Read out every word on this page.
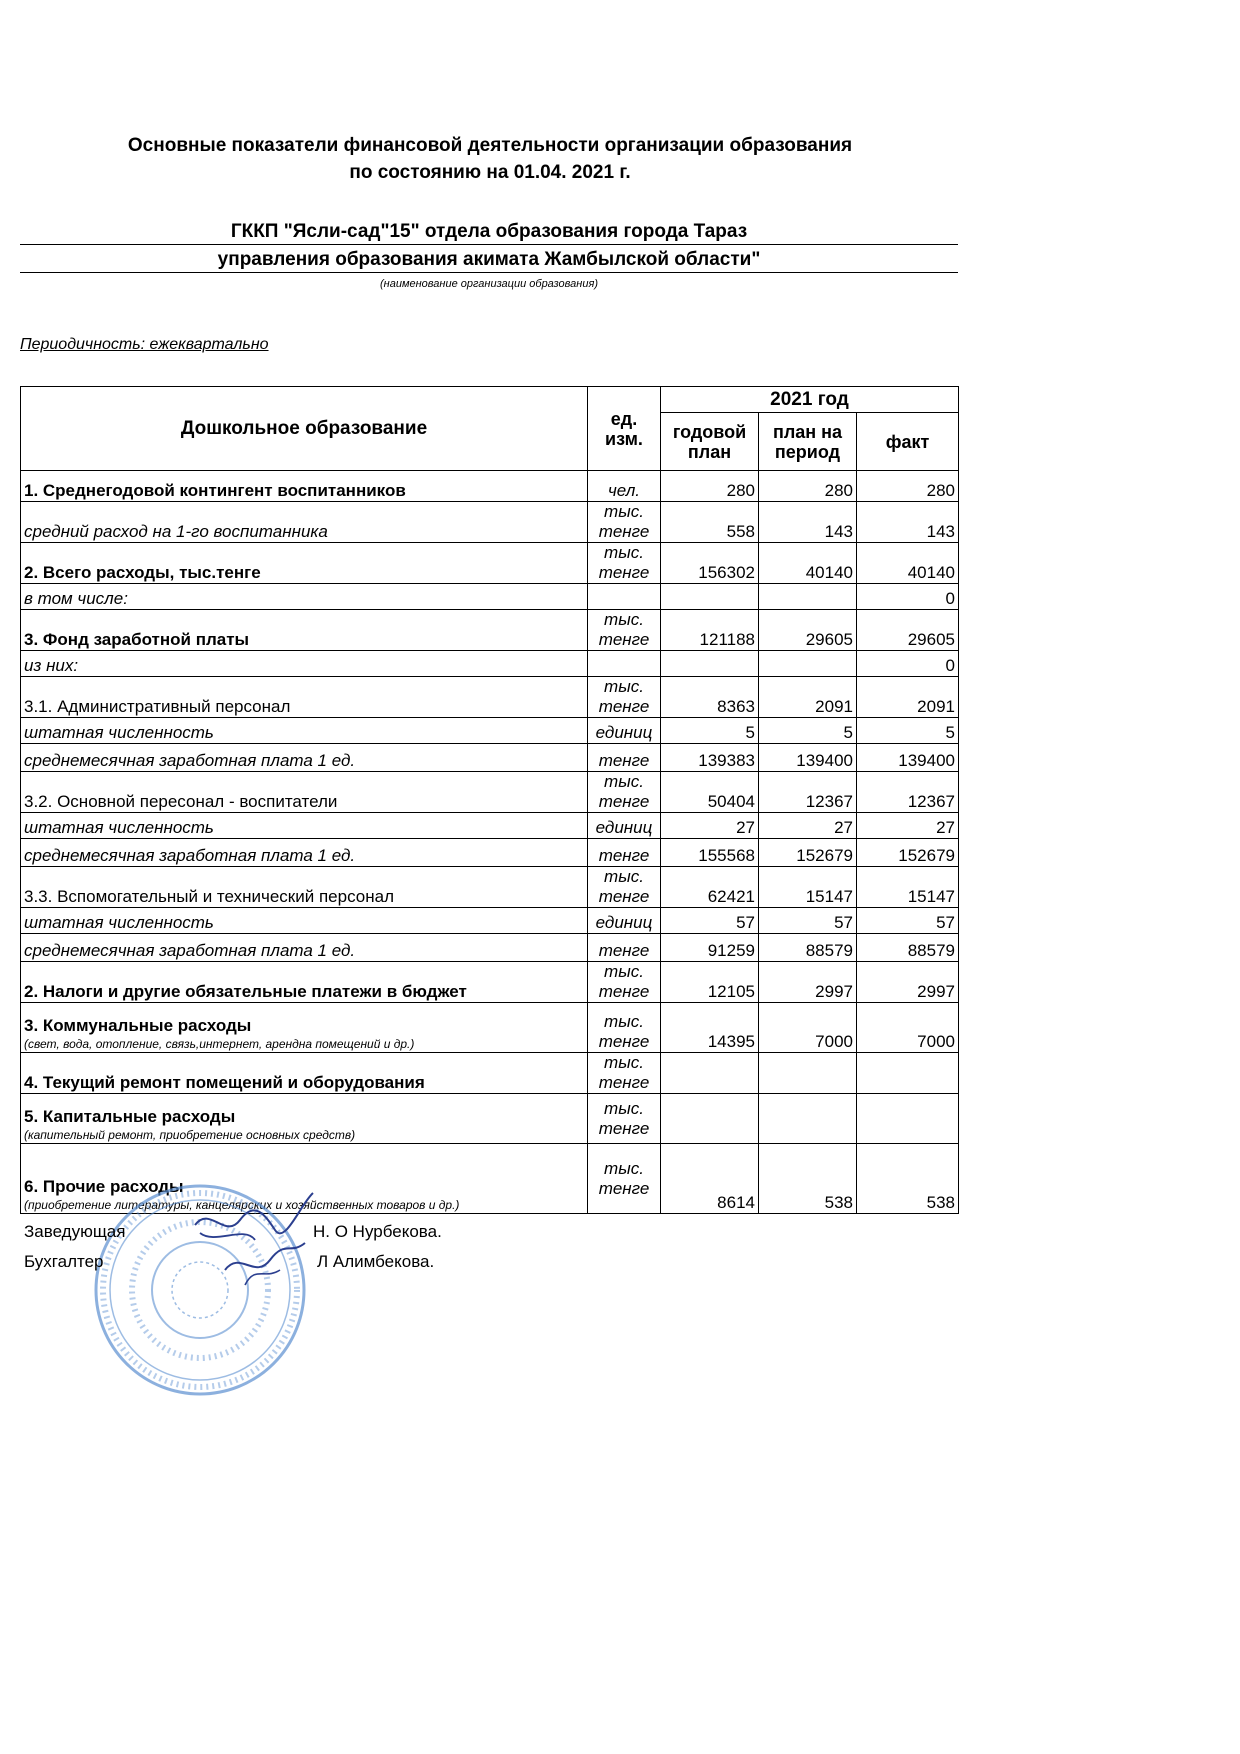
Основные показатели финансовой деятельности организации образования
по состоянию на 01.04. 2021 г.
ГККП "Ясли-сад"15" отдела образования города Тараз
управления образования акимата Жамбылской области"
(наименование организации образования)
Периодичность: ежеквартально
Дошкольное образование	ед. изм.	2021 год		
		годовой план	план на период	факт
1. Среднегодовой контингент воспитанников	чел.	280	280	280
средний расход на 1-го воспитанника	тыс. тенге	558	143	143
2. Всего расходы, тыс.тенге	тыс. тенге	156302	40140	40140
в том числе:				0
3. Фонд заработной платы	тыс. тенге	121188	29605	29605
из них:				0
3.1. Административный персонал	тыс. тенге	8363	2091	2091
штатная численность	единиц	5	5	5
среднемесячная заработная плата 1 ед.	тенге	139383	139400	139400
3.2. Основной пересонал - воспитатели	тыс. тенге	50404	12367	12367
штатная численность	единиц	27	27	27
среднемесячная заработная плата 1 ед.	тенге	155568	152679	152679
3.3. Вспомогательный и технический персонал	тыс. тенге	62421	15147	15147
штатная численность	единиц	57	57	57
среднемесячная заработная плата 1 ед.	тенге	91259	88579	88579
2. Налоги и другие обязательные платежи в бюджет	тыс. тенге	12105	2997	2997
3. Коммунальные расходы
(свет, вода, отопление, связь,интернет, арендна помещений и др.)	тыс. тенге	14395	7000	7000
4. Текущий ремонт помещений и оборудования	тыс. тенге			
5. Капитальные расходы
(капительный ремонт, приобретение основных средств)	тыс. тенге			
6. Прочие расходы
(приобретение литературы, канцелярских и хозяйственных товаров и др.)	тыс. тенге	8614	538	538
Заведующая	Н. О Нурбекова.
Бухгалтер	Л Алимбекова.
